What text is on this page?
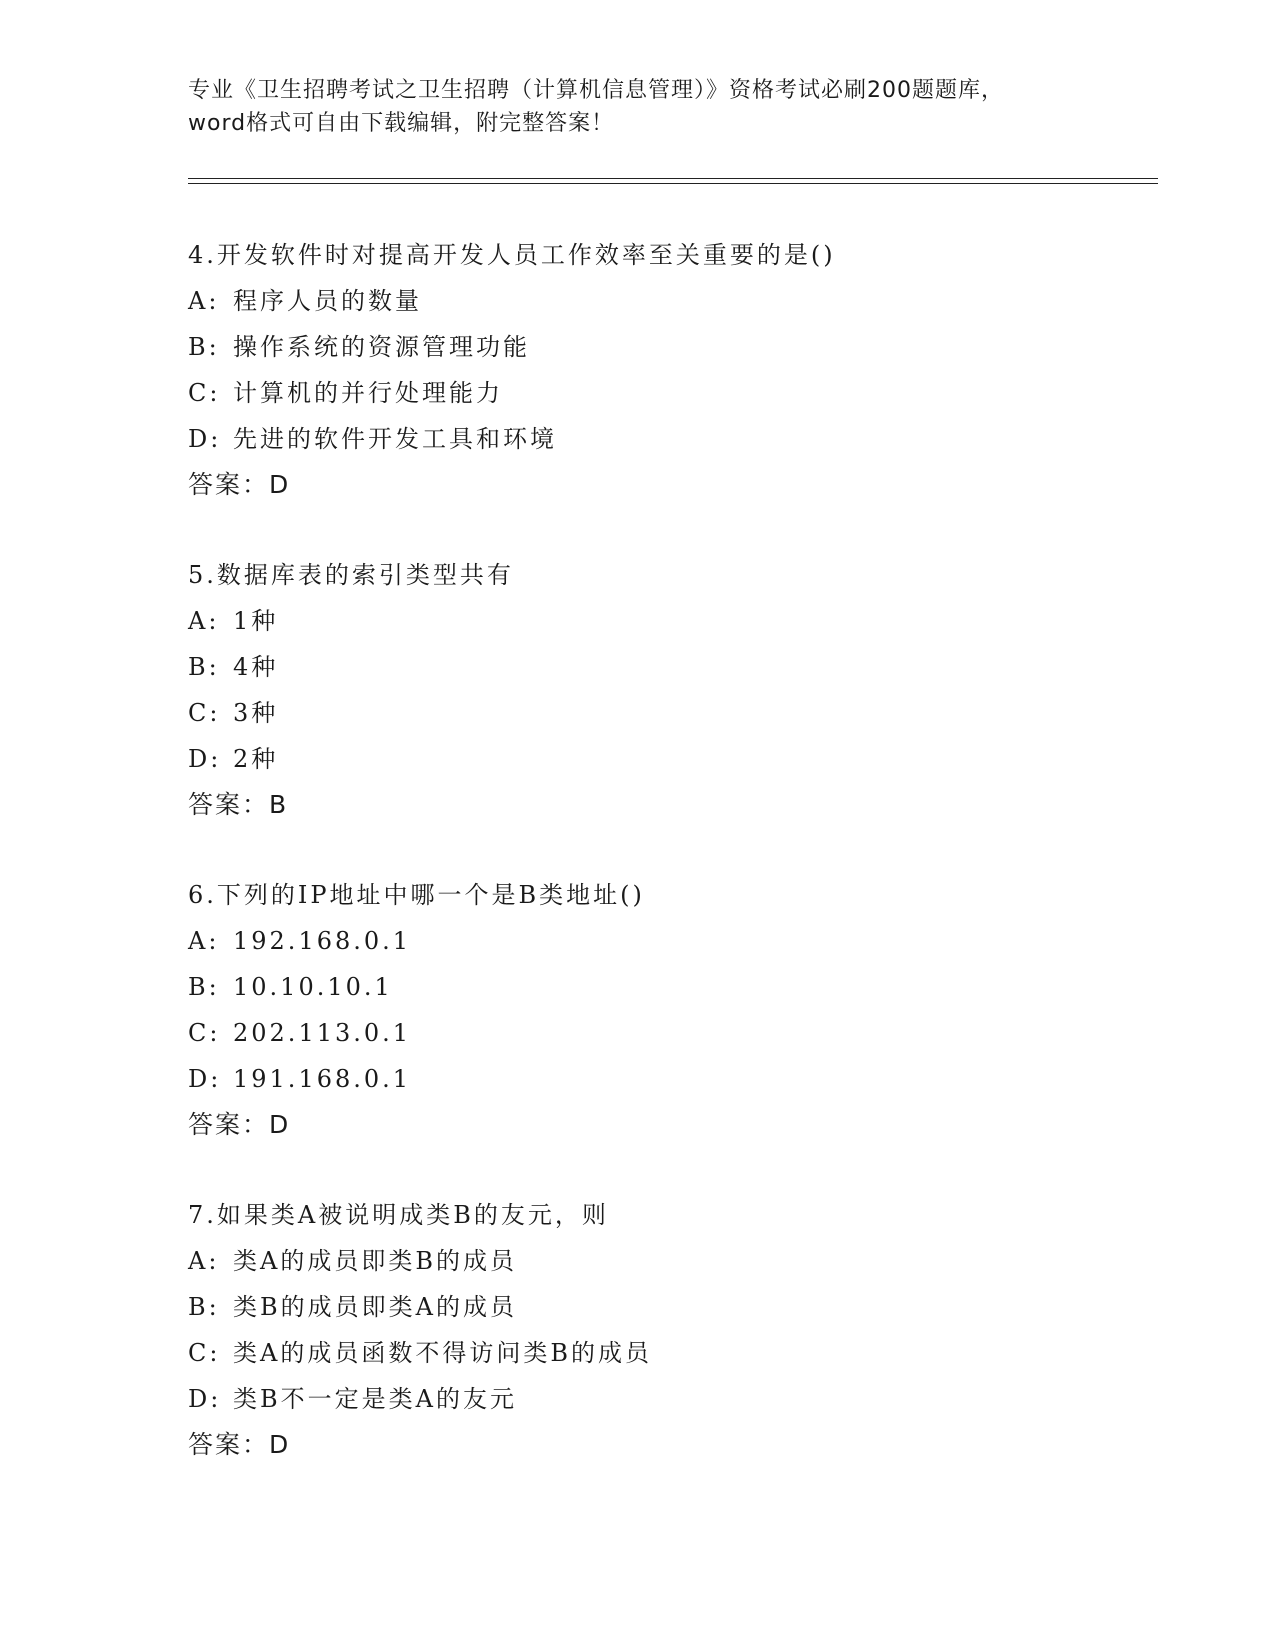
专业《卫生招聘考试之卫生招聘（计算机信息管理）》资格考试必刷200题题库，
word格式可自由下载编辑，附完整答案！
4.开发软件时对提高开发人员工作效率至关重要的是()
A: 程序人员的数量
B: 操作系统的资源管理功能
C: 计算机的并行处理能力
D: 先进的软件开发工具和环境
答案：D
5.数据库表的索引类型共有
A: 1种
B: 4种
C: 3种
D: 2种
答案：B
6.下列的IP地址中哪一个是B类地址()
A: 192.168.0.1
B: 10.10.10.1
C: 202.113.0.1
D: 191.168.0.1
答案：D
7.如果类A被说明成类B的友元，则
A: 类A的成员即类B的成员
B: 类B的成员即类A的成员
C: 类A的成员函数不得访问类B的成员
D: 类B不一定是类A的友元
答案：D
